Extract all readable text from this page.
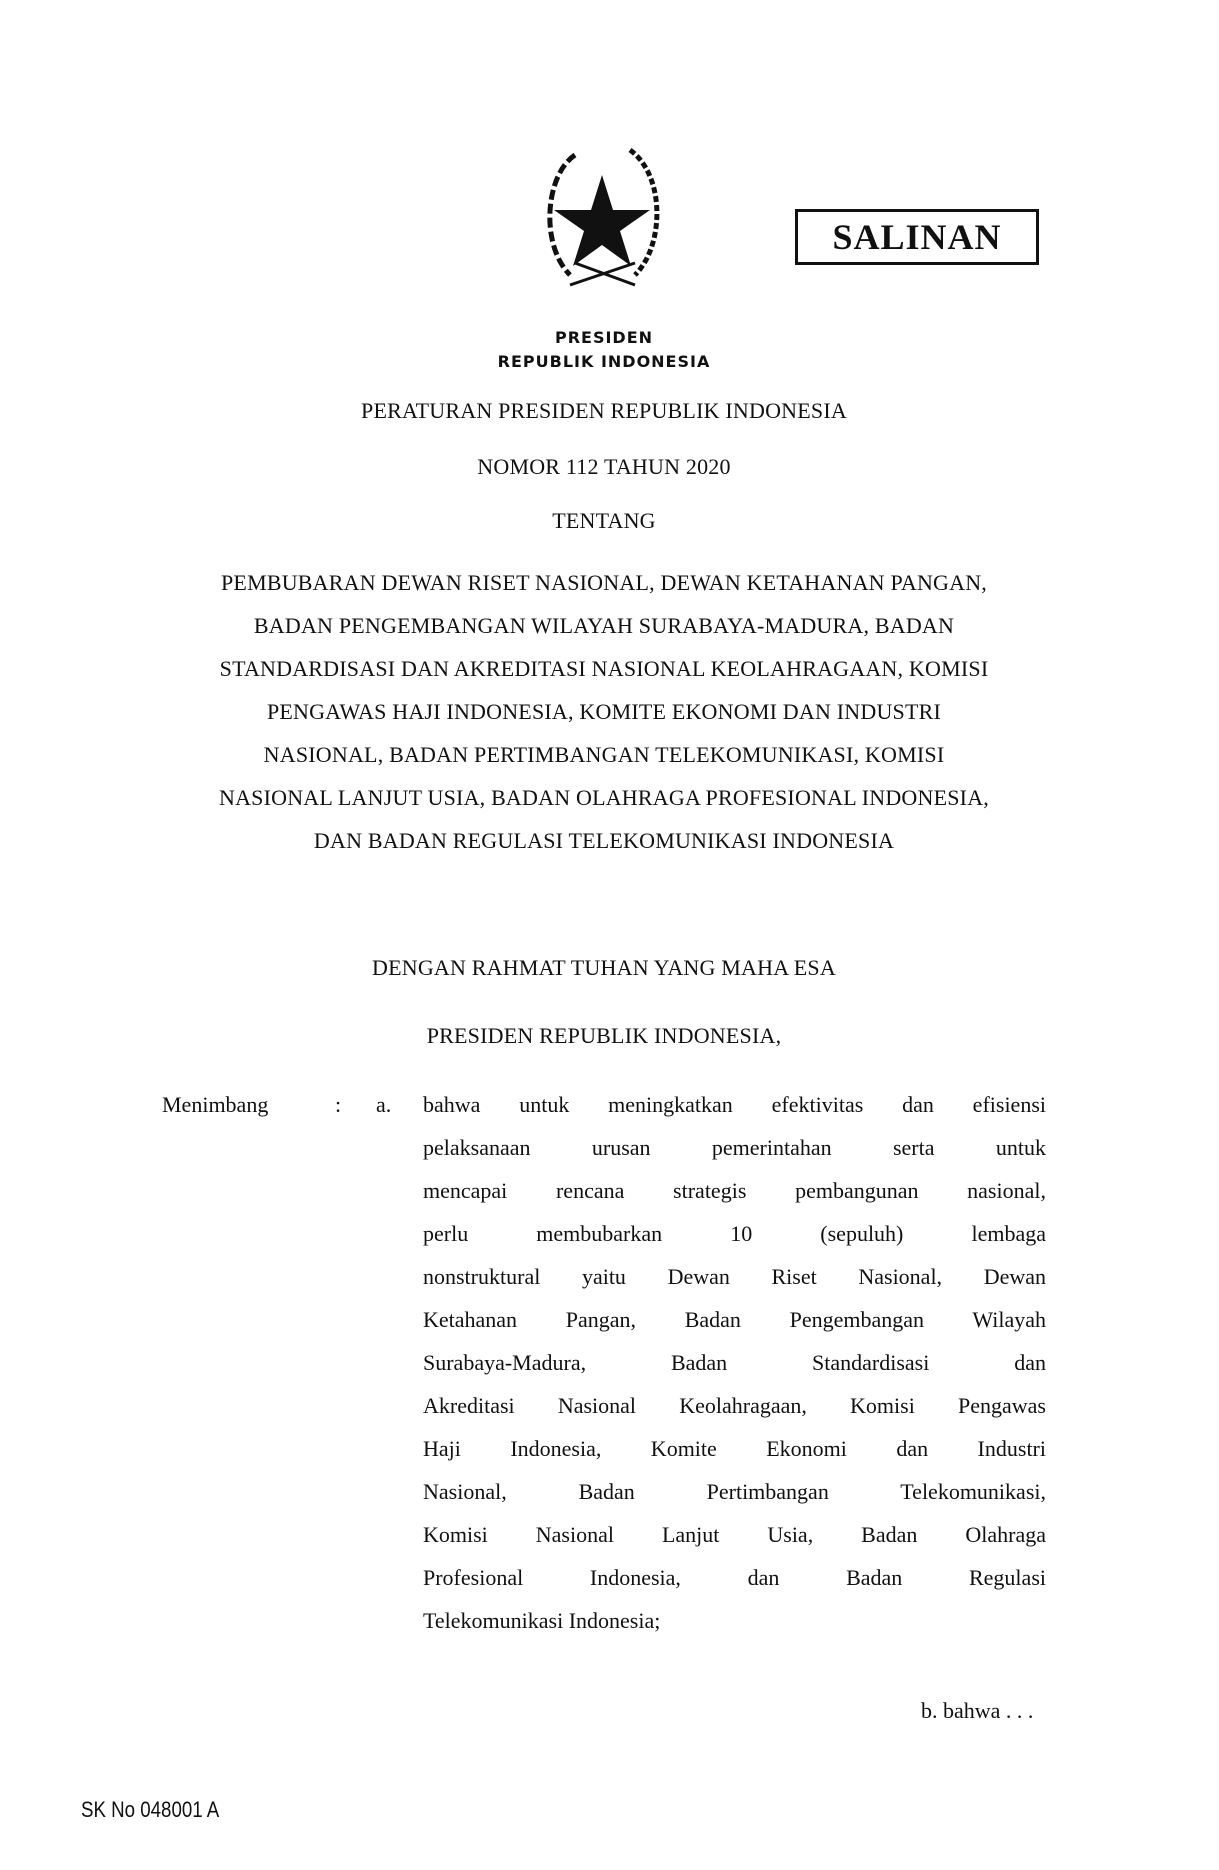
SALINAN
PRESIDEN
REPUBLIK INDONESIA
PERATURAN PRESIDEN REPUBLIK INDONESIA
NOMOR 112 TAHUN 2020
TENTANG
PEMBUBARAN DEWAN RISET NASIONAL, DEWAN KETAHANAN PANGAN,
BADAN PENGEMBANGAN WILAYAH SURABAYA-MADURA, BADAN
STANDARDISASI DAN AKREDITASI NASIONAL KEOLAHRAGAAN, KOMISI
PENGAWAS HAJI INDONESIA, KOMITE EKONOMI DAN INDUSTRI
NASIONAL, BADAN PERTIMBANGAN TELEKOMUNIKASI, KOMISI
NASIONAL LANJUT USIA, BADAN OLAHRAGA PROFESIONAL INDONESIA,
DAN BADAN REGULASI TELEKOMUNIKASI INDONESIA
DENGAN RAHMAT TUHAN YANG MAHA ESA
PRESIDEN REPUBLIK INDONESIA,
Menimbang	: a. bahwa untuk meningkatkan efektivitas dan efisiensi
pelaksanaan urusan pemerintahan serta untuk
mencapai rencana strategis pembangunan nasional,
perlu membubarkan 10 (sepuluh) lembaga
nonstruktural yaitu Dewan Riset Nasional, Dewan
Ketahanan Pangan, Badan Pengembangan Wilayah
Surabaya-Madura, Badan Standardisasi dan
Akreditasi Nasional Keolahragaan, Komisi Pengawas
Haji Indonesia, Komite Ekonomi dan Industri
Nasional, Badan Pertimbangan Telekomunikasi,
Komisi Nasional Lanjut Usia, Badan Olahraga
Profesional Indonesia, dan Badan Regulasi
Telekomunikasi Indonesia;
b. bahwa . . .
SK No 048001 A
